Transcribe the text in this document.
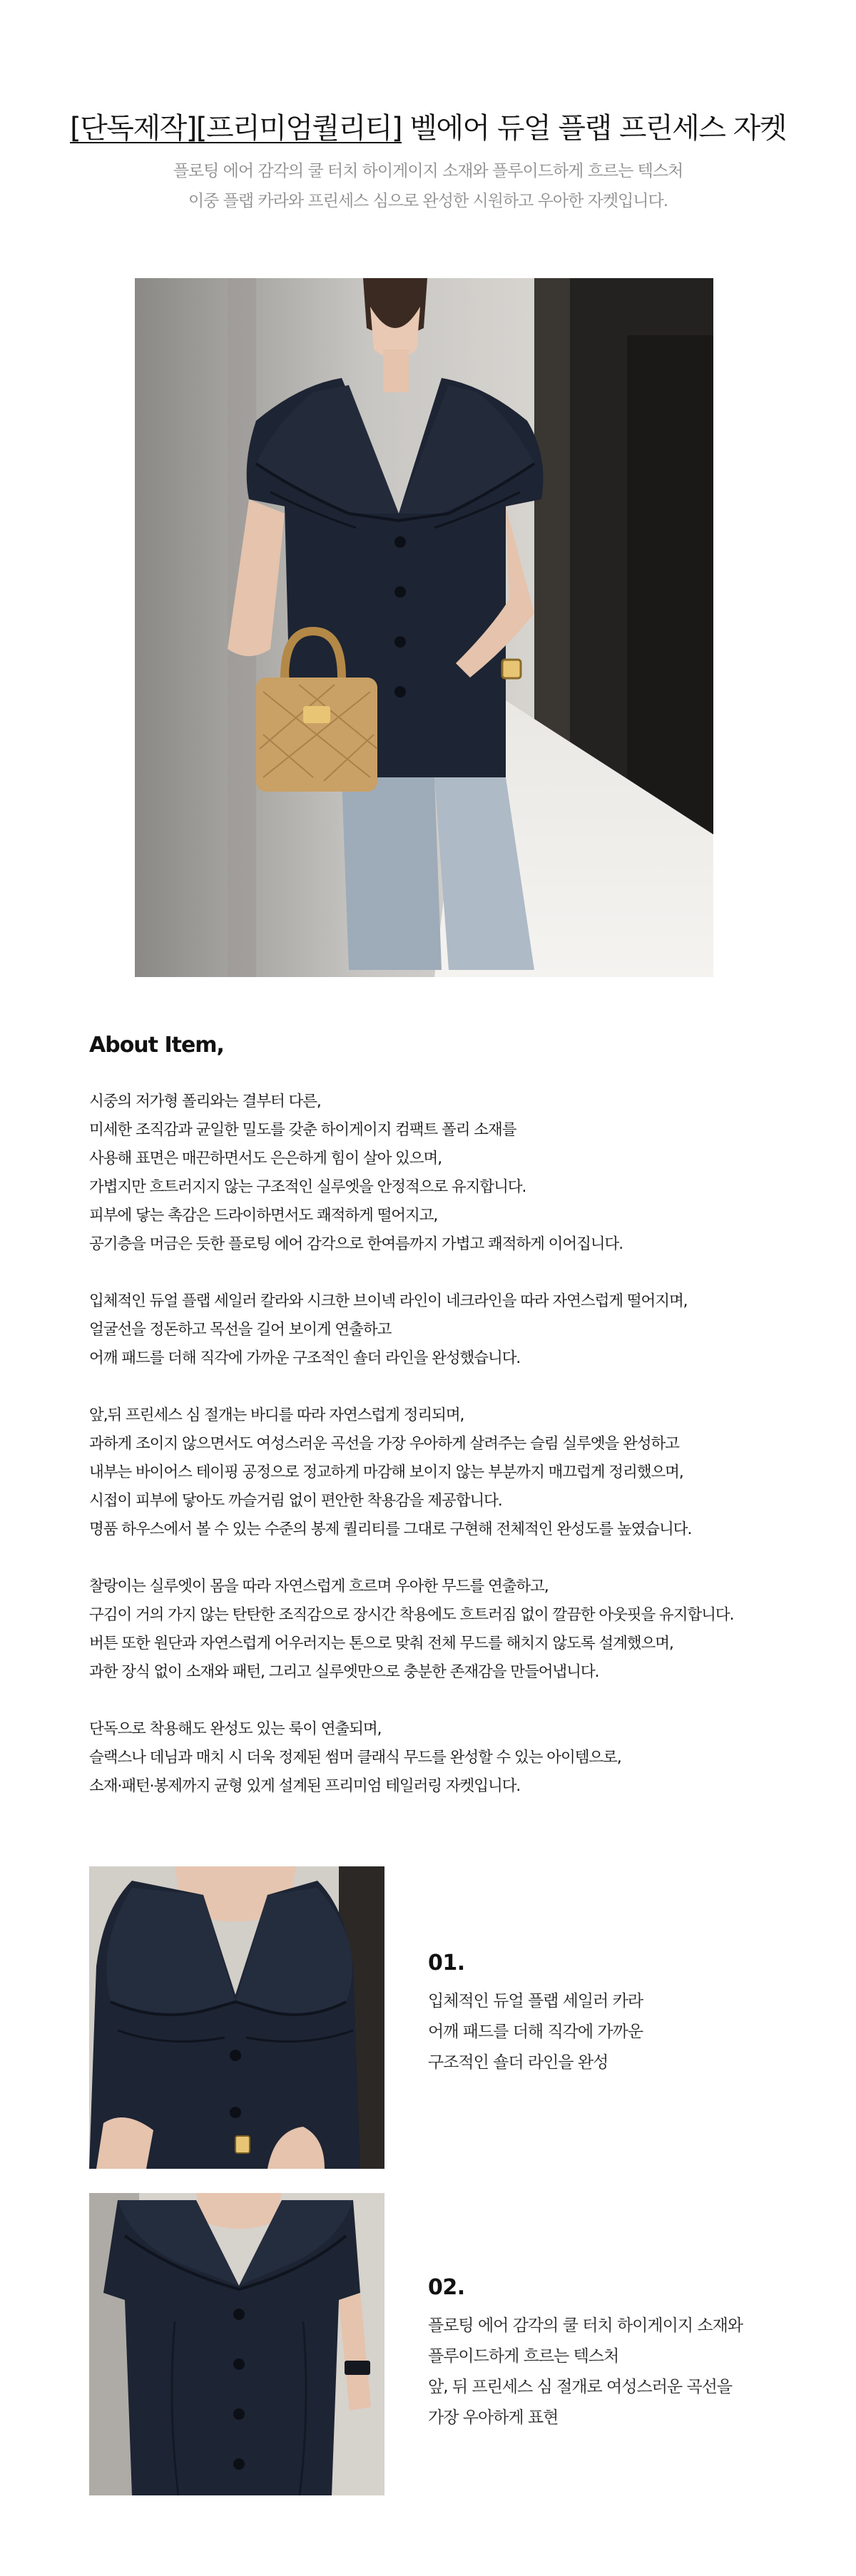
[단독제작][프리미엄퀄리티] 벨에어 듀얼 플랩 프린세스 자켓
플로팅 에어 감각의 쿨 터치 하이게이지 소재와 플루이드하게 흐르는 텍스처
이중 플랩 카라와 프린세스 심으로 완성한 시원하고 우아한 자켓입니다.
About Item,
시중의 저가형 폴리와는 결부터 다른,
미세한 조직감과 균일한 밀도를 갖춘 하이게이지 컴팩트 폴리 소재를
사용해 표면은 매끈하면서도 은은하게 힘이 살아 있으며,
가볍지만 흐트러지지 않는 구조적인 실루엣을 안정적으로 유지합니다.
피부에 닿는 촉감은 드라이하면서도 쾌적하게 떨어지고,
공기층을 머금은 듯한 플로팅 에어 감각으로 한여름까지 가볍고 쾌적하게 이어집니다.
입체적인 듀얼 플랩 세일러 칼라와 시크한 브이넥 라인이 네크라인을 따라 자연스럽게 떨어지며,
얼굴선을 정돈하고 목선을 길어 보이게 연출하고
어깨 패드를 더해 직각에 가까운 구조적인 숄더 라인을 완성했습니다.
앞,뒤 프린세스 심 절개는 바디를 따라 자연스럽게 정리되며,
과하게 조이지 않으면서도 여성스러운 곡선을 가장 우아하게 살려주는 슬림 실루엣을 완성하고
내부는 바이어스 테이핑 공정으로 정교하게 마감해 보이지 않는 부분까지 매끄럽게 정리했으며,
시접이 피부에 닿아도 까슬거림 없이 편안한 착용감을 제공합니다.
명품 하우스에서 볼 수 있는 수준의 봉제 퀄리티를 그대로 구현해 전체적인 완성도를 높였습니다.
찰랑이는 실루엣이 몸을 따라 자연스럽게 흐르며 우아한 무드를 연출하고,
구김이 거의 가지 않는 탄탄한 조직감으로 장시간 착용에도 흐트러짐 없이 깔끔한 아웃핏을 유지합니다.
버튼 또한 원단과 자연스럽게 어우러지는 톤으로 맞춰 전체 무드를 해치지 않도록 설계했으며,
과한 장식 없이 소재와 패턴, 그리고 실루엣만으로 충분한 존재감을 만들어냅니다.
단독으로 착용해도 완성도 있는 룩이 연출되며,
슬랙스나 데님과 매치 시 더욱 정제된 썸머 클래식 무드를 완성할 수 있는 아이템으로,
소재·패턴·봉제까지 균형 있게 설계된 프리미엄 테일러링 자켓입니다.
01.
입체적인 듀얼 플랩 세일러 카라
어깨 패드를 더해 직각에 가까운
구조적인 숄더 라인을 완성
02.
플로팅 에어 감각의 쿨 터치 하이게이지 소재와
플루이드하게 흐르는 텍스처
앞, 뒤 프린세스 심 절개로 여성스러운 곡선을
가장 우아하게 표현
